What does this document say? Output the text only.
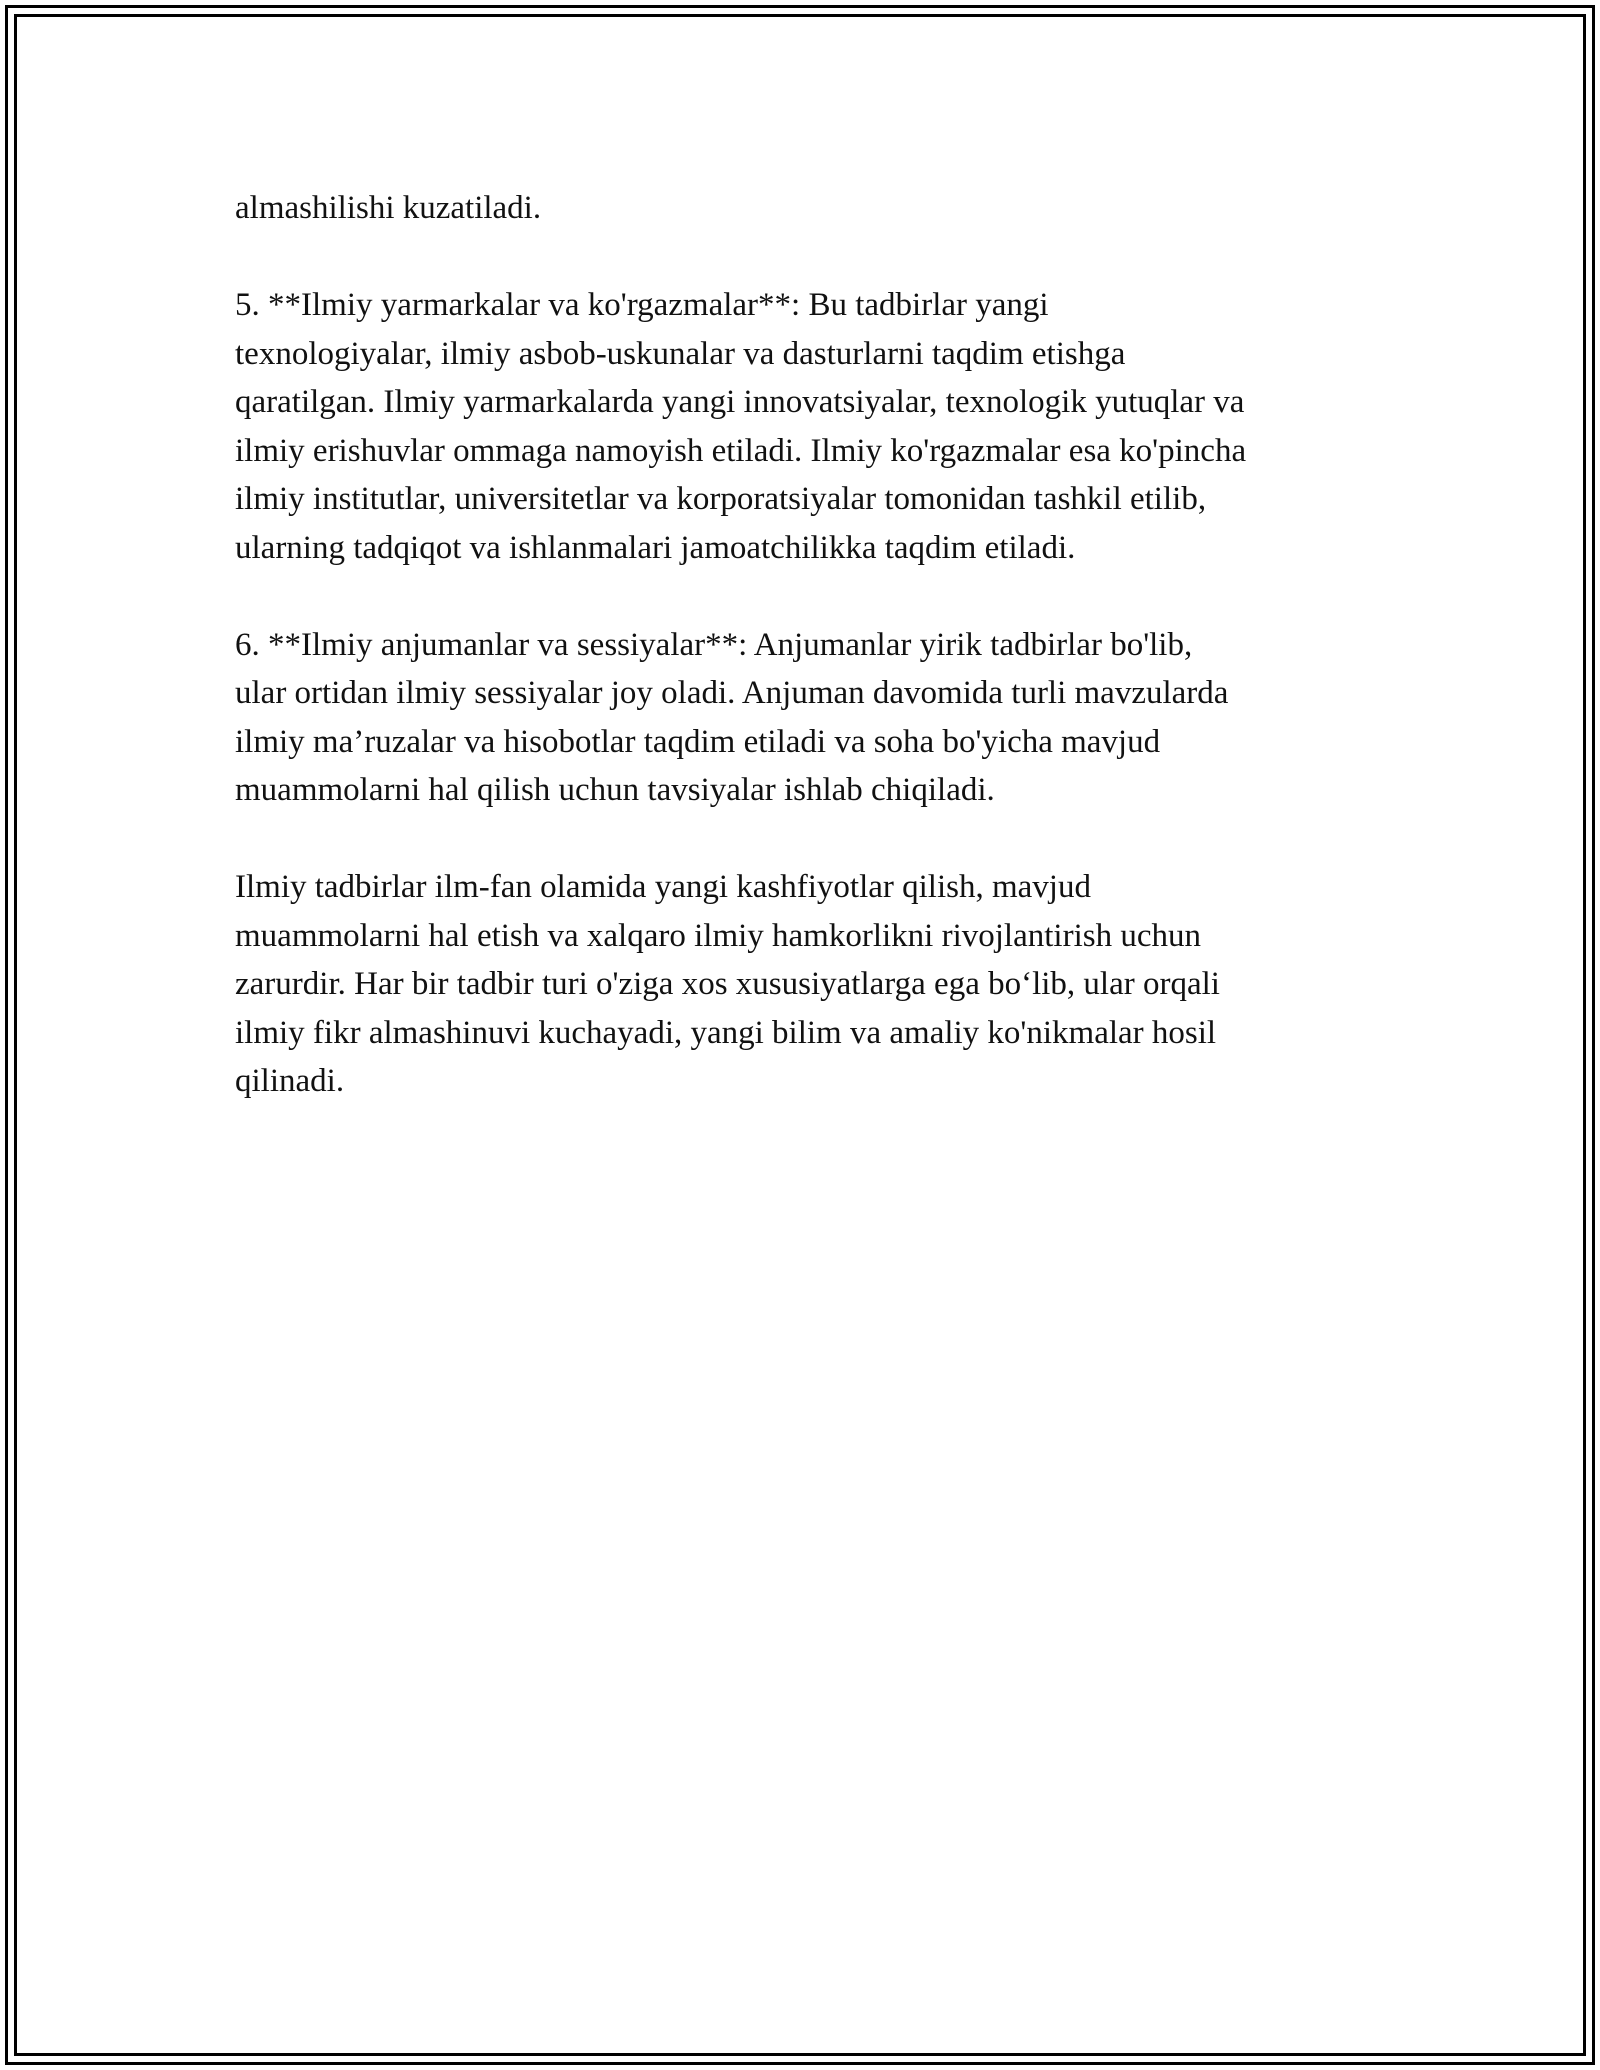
almashilishi kuzatiladi.

5. **Ilmiy yarmarkalar va ko'rgazmalar**: Bu tadbirlar yangi
texnologiyalar, ilmiy asbob-uskunalar va dasturlarni taqdim etishga
qaratilgan. Ilmiy yarmarkalarda yangi innovatsiyalar, texnologik yutuqlar va
ilmiy erishuvlar ommaga namoyish etiladi. Ilmiy ko'rgazmalar esa ko'pincha
ilmiy institutlar, universitetlar va korporatsiyalar tomonidan tashkil etilib,
ularning tadqiqot va ishlanmalari jamoatchilikka taqdim etiladi.

6. **Ilmiy anjumanlar va sessiyalar**: Anjumanlar yirik tadbirlar bo'lib,
ular ortidan ilmiy sessiyalar joy oladi. Anjuman davomida turli mavzularda
ilmiy ma’ruzalar va hisobotlar taqdim etiladi va soha bo'yicha mavjud
muammolarni hal qilish uchun tavsiyalar ishlab chiqiladi.

Ilmiy tadbirlar ilm-fan olamida yangi kashfiyotlar qilish, mavjud
muammolarni hal etish va xalqaro ilmiy hamkorlikni rivojlantirish uchun
zarurdir. Har bir tadbir turi o'ziga xos xususiyatlarga ega bo‘lib, ular orqali
ilmiy fikr almashinuvi kuchayadi, yangi bilim va amaliy ko'nikmalar hosil
qilinadi.
